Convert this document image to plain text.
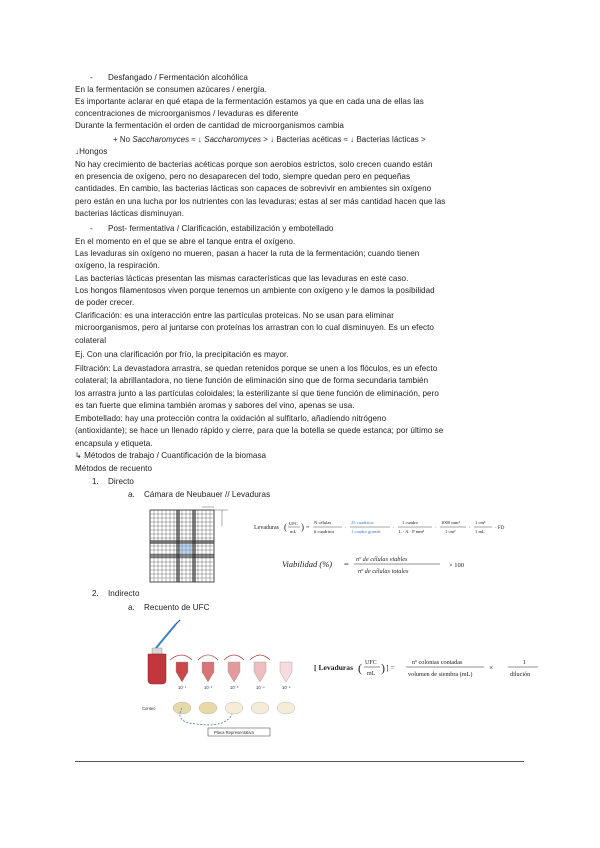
- Desfangado / Fermentación alcohólica
En la fermentación se consumen azúcares / energía.
Es importante aclarar en qué etapa de la fermentación estamos ya que en cada una de ellas las
concentraciones de microorganismos / levaduras es diferente
Durante la fermentación el orden de cantidad de microorganismos cambia
+ No Saccharomyces ≈ ↓ Saccharomyces > ↓ Bacterias acéticas ≈ ↓ Bacterias lácticas >
↓Hongos
No hay crecimiento de bacterias acéticas porque son aerobios estrictos, solo crecen cuando están
en presencia de oxígeno, pero no desaparecen del todo, siempre quedan pero en pequeñas
cantidades. En cambio, las bacterias lácticas son capaces de sobrevivir en ambientes sin oxígeno
pero están en una lucha por los nutrientes con las levaduras; estas al ser más cantidad hacen que las
bacterias lácticas disminuyan.
- Post- fermentativa / Clarificación, estabilización y embotellado
En el momento en el que se abre el tanque entra el oxígeno.
Las levaduras sin oxígeno no mueren, pasan a hacer la ruta de la fermentación; cuando tienen
oxígeno, la respiración.
Las bacterias lácticas presentan las mismas características que las levaduras en este caso.
Los hongos filamentosos viven porque tenemos un ambiente con oxígeno y le damos la posibilidad
de poder crecer.
Clarificación: es una interacción entre las partículas proteicas. No se usan para eliminar
microorganismos, pero al juntarse con proteínas los arrastran con lo cual disminuyen. Es un efecto
colateral
Ej. Con una clarificación por frío, la precipitación es mayor.
Filtración: La devastadora arrastra, se quedan retenidos porque se unen a los flóculos, es un efecto
colateral; la abrillantadora, no tiene función de eliminación sino que de forma secundaria también
los arrastra junto a las partículas coloidales; la esterilizante sí que tiene función de eliminación, pero
es tan fuerte que elimina también aromas y sabores del vino, apenas se usa.
Embotellado: hay una protección contra la oxidación al sulfitarlo, añadiendo nitrógeno
(antioxidante); se hace un llenado rápido y cierre, para que la botella se quede estanca; por último se
encapsula y etiqueta.
↳ Métodos de trabajo / Cuantificación de la biomasa
Métodos de recuento
1. Directo
a. Cámara de Neubauer // Levaduras
Levaduras ( UFC
mL ) =
N células
# cuadritos
·
25 cuadritos
1 cuadro grande
·
1 cuadro
L · A · P mm³
·
1000 mm³
1 cm³
·
1 cm³
1 mL
· FD
Viabilidad (%) = nº de células viables
nº de células totales
× 100
2. Indirecto
a. Recuento de UFC
10⁻¹	10⁻²	10⁻³	10⁻⁴	10⁻⁵
Conteo
Placa Representativa
[ Levaduras ( UFC
mL ) ] =
nº colonias contadas
volumen de siembra (mL)
×
1
dilución
